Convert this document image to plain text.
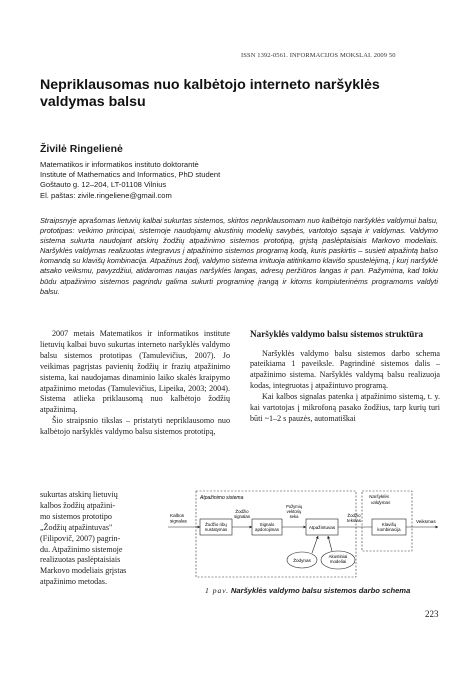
ISSN 1392-0561. INFORMACIJOS MOKSLAI. 2009 50
Nepriklausomas nuo kalbėtojo interneto naršyklės valdymas balsu
Živilė Ringelienė
Matematikos ir informatikos instituto doktorantė
Institute of Mathematics and Informatics, PhD student
Goštauto g. 12–204, LT-01108 Vilnius
El. paštas: zivile.ringeliene@gmail.com
Straipsnyje aprašomas lietuvių kalbai sukurtas sistemos, skirtos nepriklausomam nuo kalbėtojo naršyklės valdymui balsu, prototipas: veikimo principai, sistemoje naudojamų akustinių modelių savybės, vartotojo sąsaja ir valdymas. Valdymo sistema sukurta naudojant atskirų žodžių atpažinimo sistemos prototipą, grįstą paslėptaisiais Markovo modeliais. Naršyklės valdymas realizuotas integravus į atpažinimo sistemos programą kodą, kuris paskirtis – susieti atpažintą balso komandą su klavišų kombinacija. Atpažinus žodį, valdymo sistema imituoja atitinkamo klavišo spustelėjimą, į kurį naršyklė atsako veiksmu, pavyzdžiui, atidaromas naujas naršyklės langas, adresų peržiūros langas ir pan. Pažymima, kad tokiu būdu atpažinimo sistemos pagrindu galima sukurti programinę įrangą ir kitoms kompiuterinėms programoms valdyti balsu.

2007 metais Matematikos ir informatikos institute lietuvių kalbai buvo sukurtas interneto naršyklės valdymo balsu sistemos prototipas (Tamulevičius, 2007). Jo veikimas pagrįstas pavienių žodžių ir frazių atpažinimo sistema, kai naudojamas dinaminio laiko skalės kraipymo atpažinimo metodas (Tamulevičius, Lipeika, 2003; 2004). Sistema atlieka priklausomą nuo kalbėtojo žodžių atpažinimą.

Šio straipsnio tikslas – pristatyti nepriklausomo nuo kalbėtojo naršyklės valdymo balsu sistemos prototipą,

sukurtas atskirų lietuvių
kalbos žodžių atpažini-
mo sistemos prototipo
„Žodžių atpažintuvas"
(Filipovič, 2007) pagrin-
du. Atpažinimo sistemoje
realizuotas paslėptaisiais
Markovo modeliais grįstas
atpažinimo metodas.
Naršyklės valdymo balsu sistemos struktūra

Naršyklės valdymo balsu sistemos darbo schema pateikiama 1 paveiksle. Pagrindinė sistemos dalis – atpažinimo sistema. Naršyklės valdymą balsu realizuoja kodas, integruotas į atpažintuvo programą.

Kai kalbos signalas patenka į atpažinimo sistemą, t. y. kai vartotojas į mikrofoną pasako žodžius, tarp kurių turi būti ~1–2 s pauzės, automatiškai

Atpažinimo sistema	Naršyklės valdymas
Kalbos signalas
Žodžio ribų nustatymas
Žodžio signalas
Signalo apdorojimas
Požymių vektorių seka
Atpažintuvas
Žodžio tekstas
Klavišų kombinacija
Veiksmas
Žodynas
Akustiniai modeliai
1 pav. Naršyklės valdymo balsu sistemos darbo schema
223
